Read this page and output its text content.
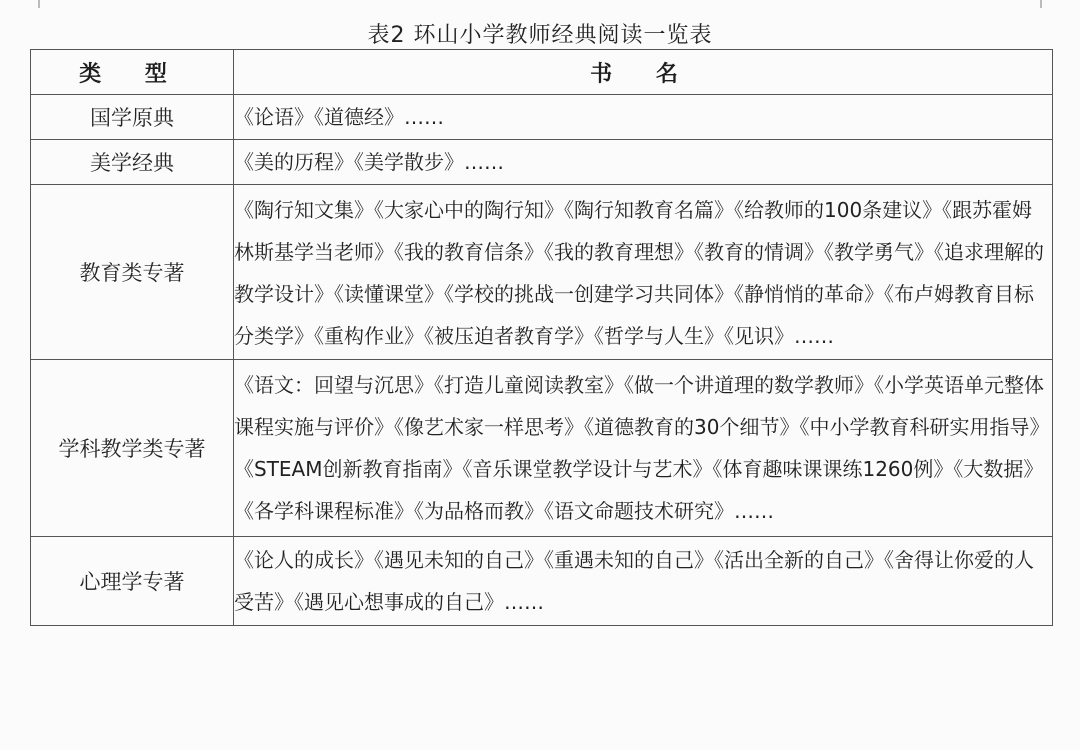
表2 环山小学教师经典阅读一览表
类 型	书 名
国学原典	《论语》《道德经》……
美学经典	《美的历程》《美学散步》……
教育类专著	《陶行知文集》《大家心中的陶行知》《陶行知教育名篇》《给教师的100条建议》《跟苏霍姆林斯基学当老师》《我的教育信条》《我的教育理想》《教育的情调》《教学勇气》《追求理解的教学设计》《读懂课堂》《学校的挑战一创建学习共同体》《静悄悄的革命》《布卢姆教育目标分类学》《重构作业》《被压迫者教育学》《哲学与人生》《见识》……
学科教学类专著	《语文：回望与沉思》《打造儿童阅读教室》《做一个讲道理的数学教师》《小学英语单元整体课程实施与评价》《像艺术家一样思考》《道德教育的30个细节》《中小学教育科研实用指导》《STEAM创新教育指南》《音乐课堂教学设计与艺术》《体育趣味课课练1260例》《大数据》《各学科课程标准》《为品格而教》《语文命题技术研究》……
心理学专著	《论人的成长》《遇见未知的自己》《重遇未知的自己》《活出全新的自己》《舍得让你爱的人受苦》《遇见心想事成的自己》……
